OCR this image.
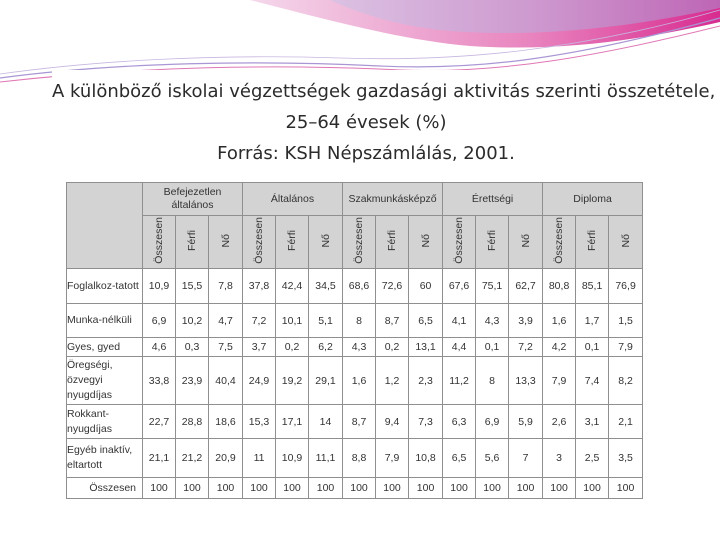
A különböző iskolai végzettségek gazdasági aktivitás szerinti összetétele,
25–64 évesek (%)
Forrás: KSH Népszámlálás, 2001.
	Befejezetlen általános			Általános			Szakmunkásképző			Érettségi			Diploma		
	Összesen	Férfi	Nő	Összesen	Férfi	Nő	Összesen	Férfi	Nő	Összesen	Férfi	Nő	Összesen	Férfi	Nő
Foglalkoz-tatott	10,9	15,5	7,8	37,8	42,4	34,5	68,6	72,6	60	67,6	75,1	62,7	80,8	85,1	76,9
Munka-nélküli	6,9	10,2	4,7	7,2	10,1	5,1	8	8,7	6,5	4,1	4,3	3,9	1,6	1,7	1,5
Gyes, gyed	4,6	0,3	7,5	3,7	0,2	6,2	4,3	0,2	13,1	4,4	0,1	7,2	4,2	0,1	7,9
Öregségi, özvegyi nyugdíjas	33,8	23,9	40,4	24,9	19,2	29,1	1,6	1,2	2,3	11,2	8	13,3	7,9	7,4	8,2
Rokkant-nyugdíjas	22,7	28,8	18,6	15,3	17,1	14	8,7	9,4	7,3	6,3	6,9	5,9	2,6	3,1	2,1
Egyéb inaktív, eltartott	21,1	21,2	20,9	11	10,9	11,1	8,8	7,9	10,8	6,5	5,6	7	3	2,5	3,5
Összesen	100	100	100	100	100	100	100	100	100	100	100	100	100	100	100
